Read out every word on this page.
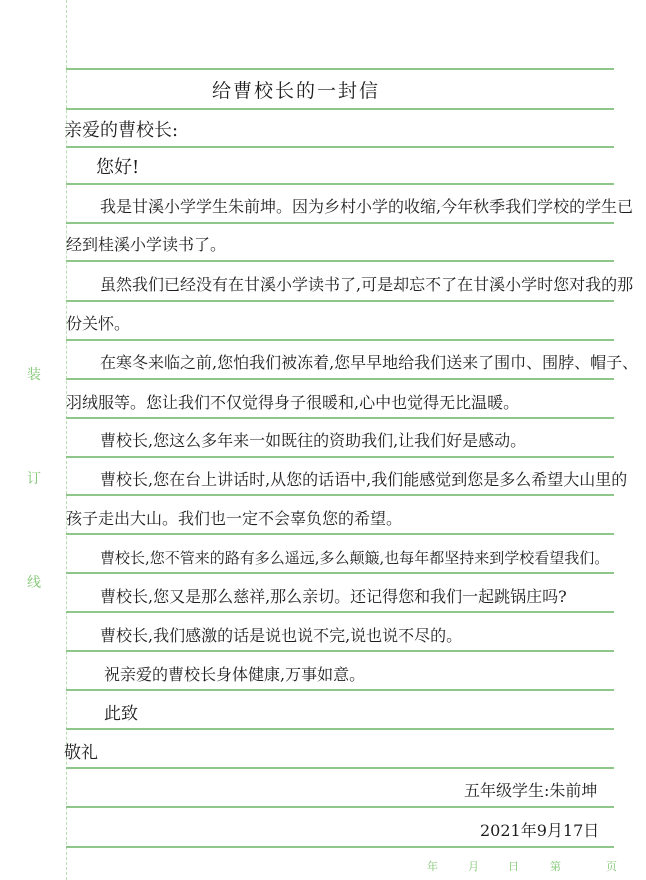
装
订
线
给曹校长的一封信
亲爱的曹校长:
您好!
我是甘溪小学学生朱前坤。因为乡村小学的收缩,今年秋季我们学校的学生已
经到桂溪小学读书了。
虽然我们已经没有在甘溪小学读书了,可是却忘不了在甘溪小学时您对我的那
份关怀。
在寒冬来临之前,您怕我们被冻着,您早早地给我们送来了围巾、围脖、帽子、
羽绒服等。您让我们不仅觉得身子很暖和,心中也觉得无比温暖。
曹校长,您这么多年来一如既往的资助我们,让我们好是感动。
曹校长,您在台上讲话时,从您的话语中,我们能感觉到您是多么希望大山里的
孩子走出大山。我们也一定不会辜负您的希望。
曹校长,您不管来的路有多么遥远,多么颠簸,也每年都坚持来到学校看望我们。
曹校长,您又是那么慈祥,那么亲切。还记得您和我们一起跳锅庄吗?
曹校长,我们感激的话是说也说不完,说也说不尽的。
祝亲爱的曹校长身体健康,万事如意。
此致
敬礼
五年级学生:朱前坤
2021年9月17日
年	月	日	第	页
